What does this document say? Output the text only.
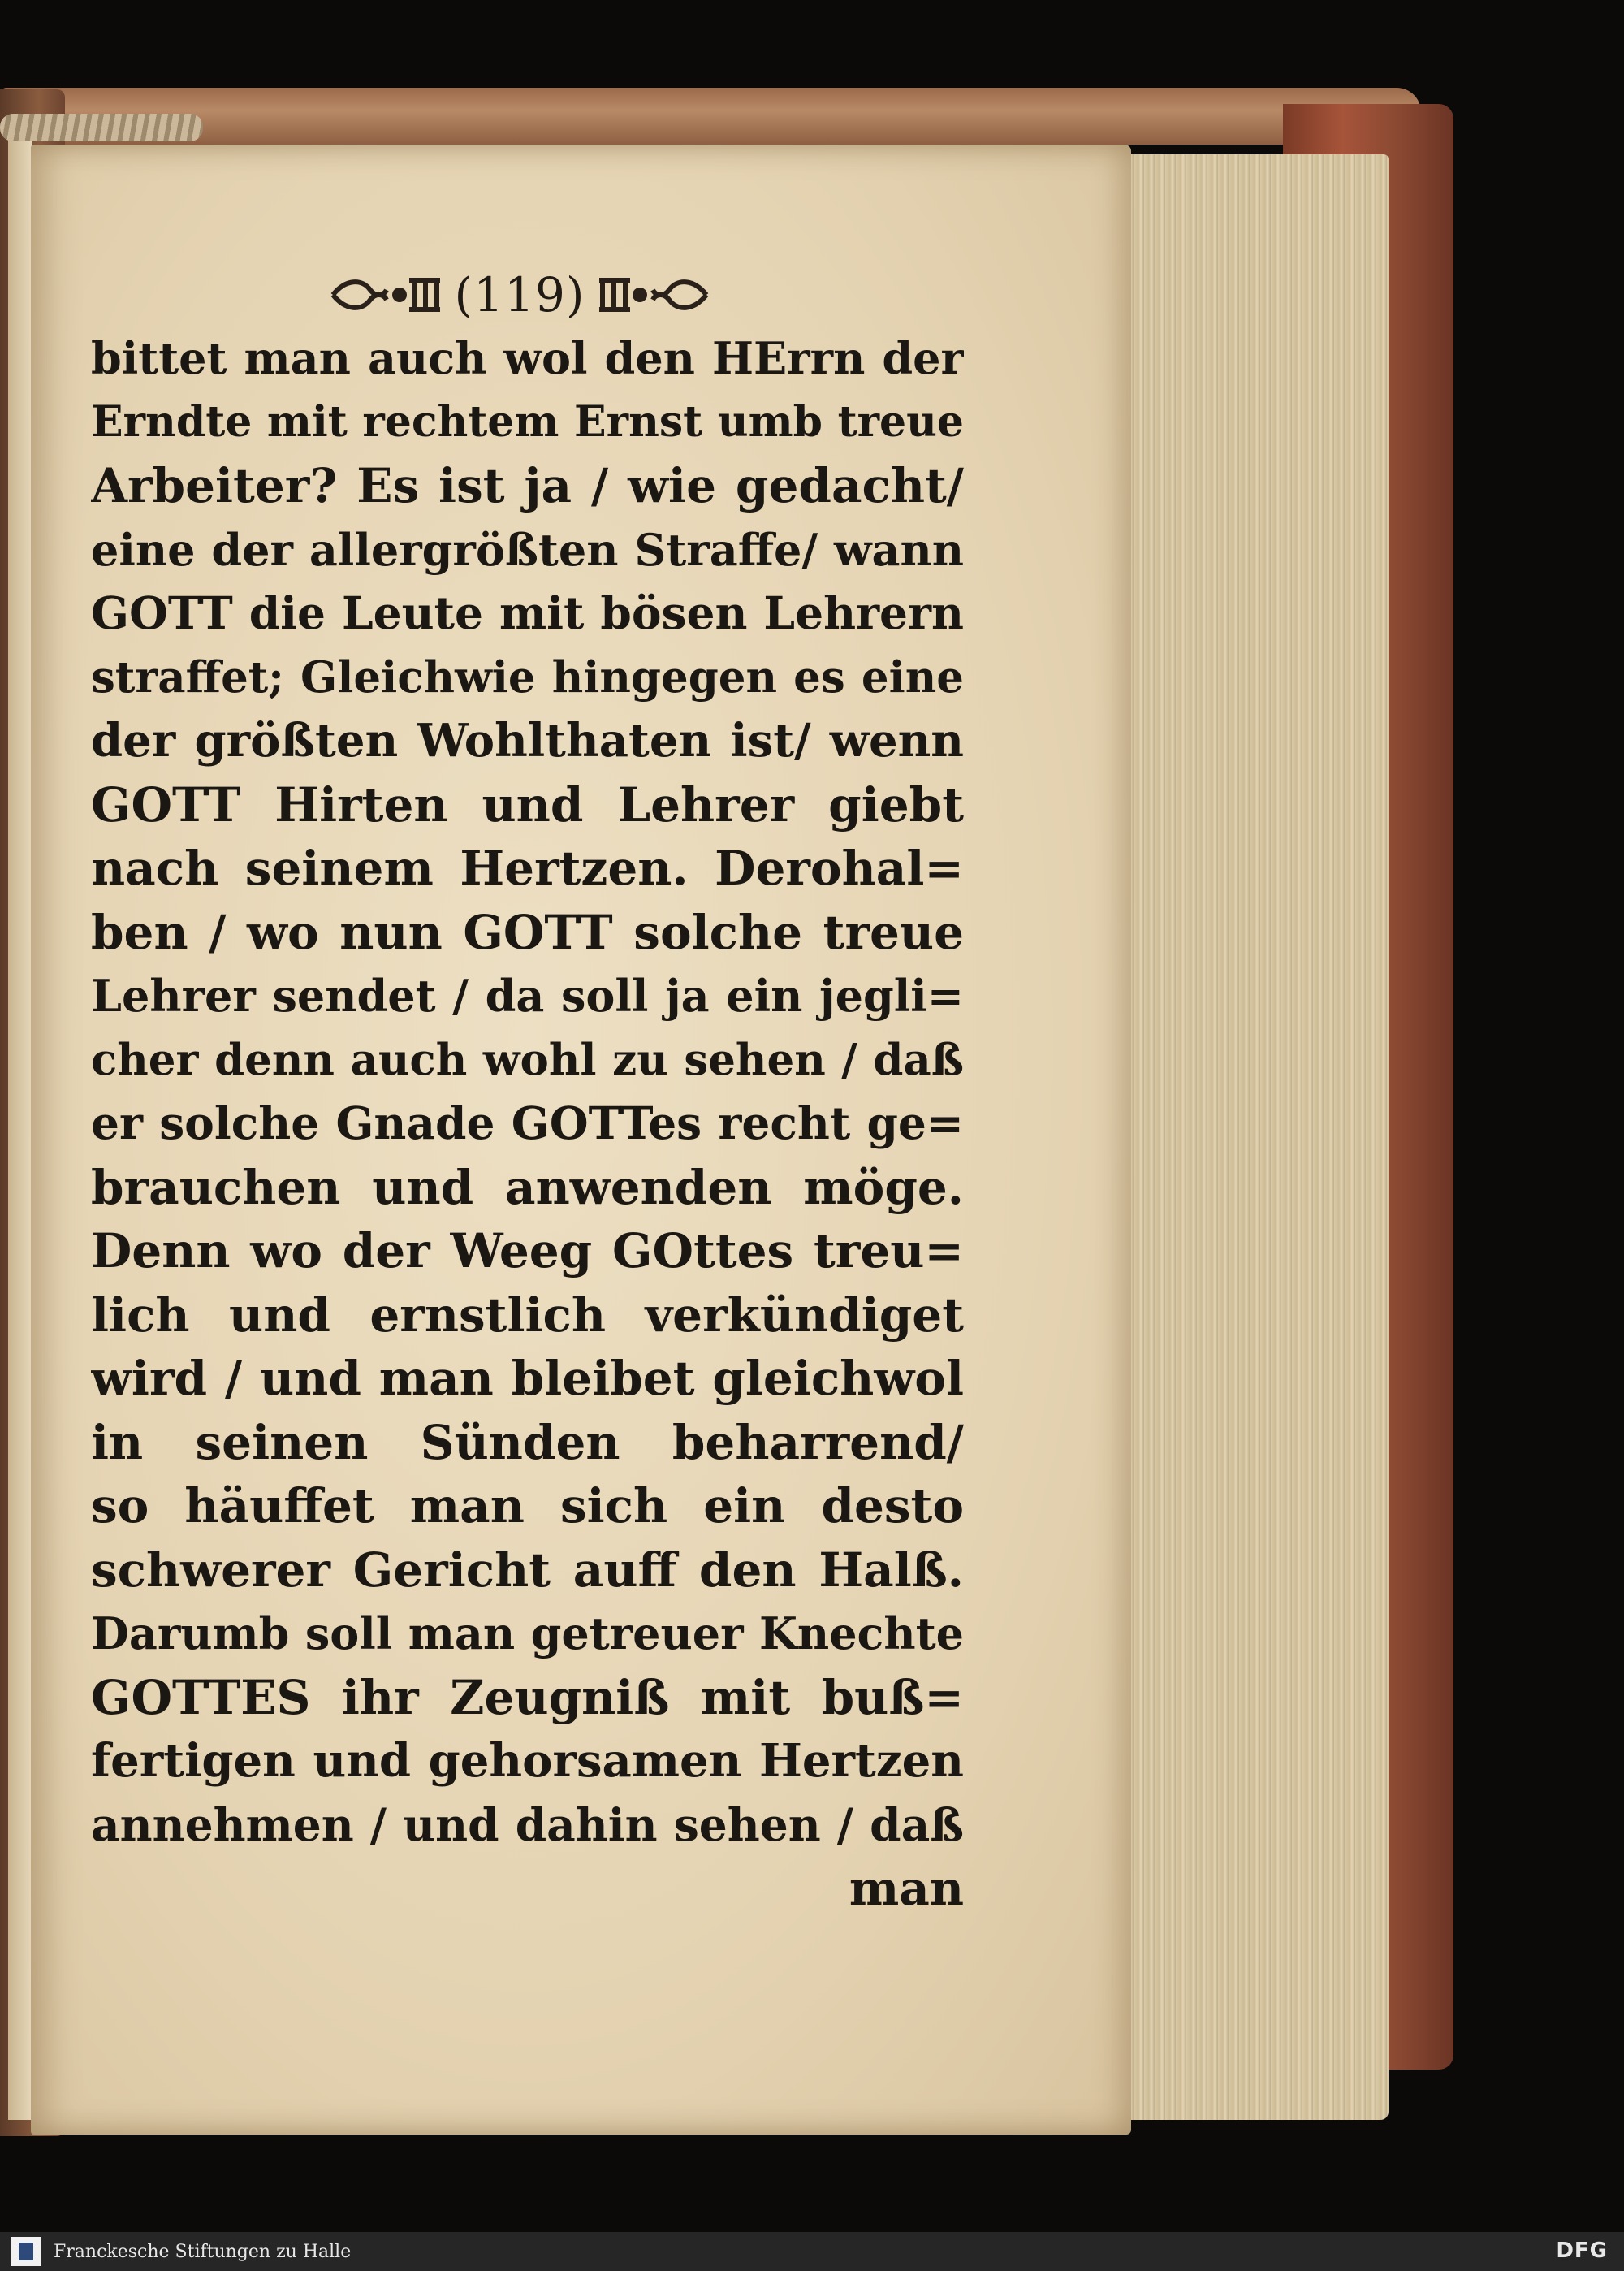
(119)
bittet man auch wol den HErrn der
Erndte mit rechtem Ernst umb treue
Arbeiter? Es ist ja / wie gedacht/
eine der allergrößten Straffe/ wann
GOTT die Leute mit bösen Lehrern
straffet; Gleichwie hingegen es eine
der größten Wohlthaten ist/ wenn
GOTT Hirten und Lehrer giebt
nach seinem Hertzen. Derohal=
ben / wo nun GOTT solche treue
Lehrer sendet / da soll ja ein jegli=
cher denn auch wohl zu sehen / daß
er solche Gnade GOTTes recht ge=
brauchen und anwenden möge.
Denn wo der Weeg GOttes treu=
lich und ernstlich verkündiget
wird / und man bleibet gleichwol
in seinen Sünden beharrend/
so häuffet man sich ein desto
schwerer Gericht auff den Halß.
Darumb soll man getreuer Knechte
GOTTES ihr Zeugniß mit buß=
fertigen und gehorsamen Hertzen
annehmen / und dahin sehen / daß
man
Franckesche Stiftungen zu Halle	DFG
